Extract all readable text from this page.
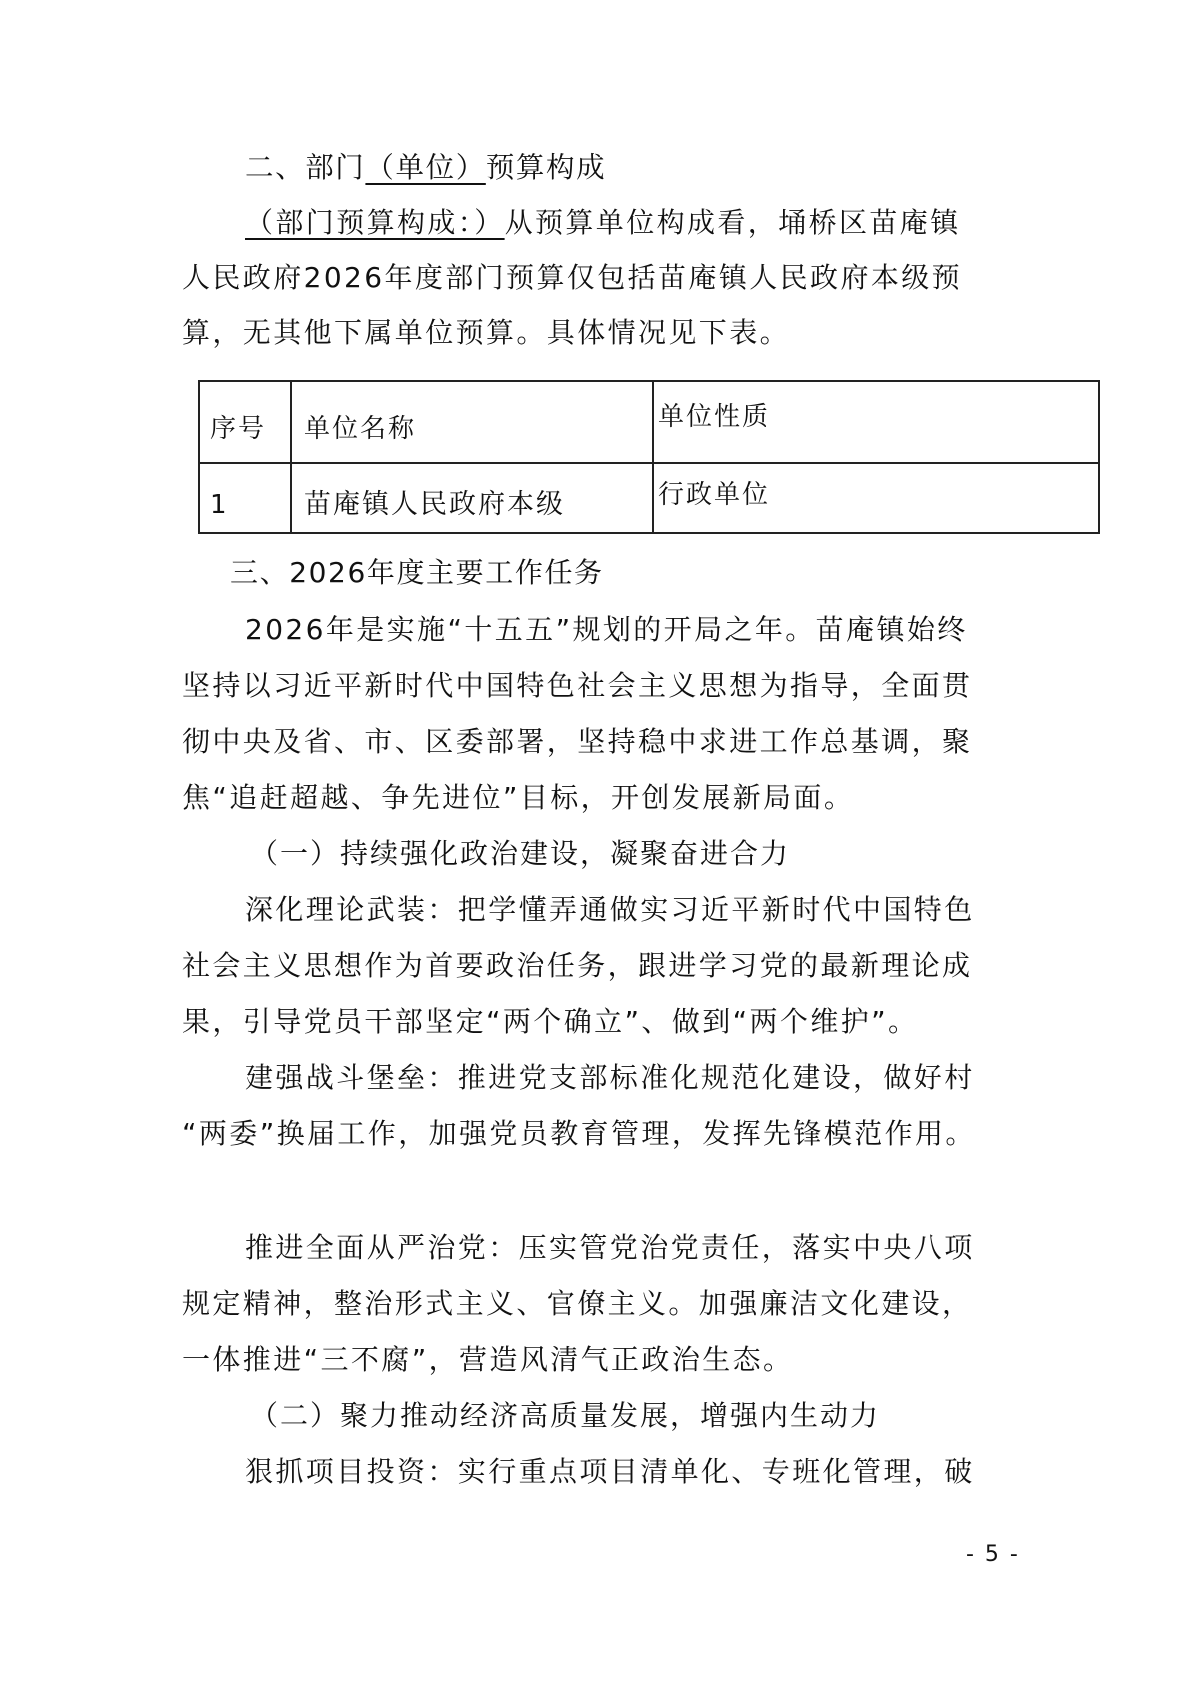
二、部门（单位）预算构成
（部门预算构成：）从预算单位构成看，埇桥区苗庵镇
人民政府2026年度部门预算仅包括苗庵镇人民政府本级预
算，无其他下属单位预算。具体情况见下表。
序号 单位名称	单位性质
1	苗庵镇人民政府本级	行政单位
三、2026年度主要工作任务
2026年是实施“十五五”规划的开局之年。苗庵镇始终
坚持以习近平新时代中国特色社会主义思想为指导，全面贯
彻中央及省、市、区委部署，坚持稳中求进工作总基调，聚
焦“追赶超越、争先进位”目标，开创发展新局面。
（一）持续强化政治建设，凝聚奋进合力
深化理论武装：把学懂弄通做实习近平新时代中国特色
社会主义思想作为首要政治任务，跟进学习党的最新理论成
果，引导党员干部坚定“两个确立”、做到“两个维护”。
建强战斗堡垒：推进党支部标准化规范化建设，做好村
“两委”换届工作，加强党员教育管理，发挥先锋模范作用。
推进全面从严治党：压实管党治党责任，落实中央八项
规定精神，整治形式主义、官僚主义。加强廉洁文化建设，
一体推进“三不腐”，营造风清气正政治生态。
（二）聚力推动经济高质量发展，增强内生动力
狠抓项目投资：实行重点项目清单化、专班化管理，破
- 5 -
